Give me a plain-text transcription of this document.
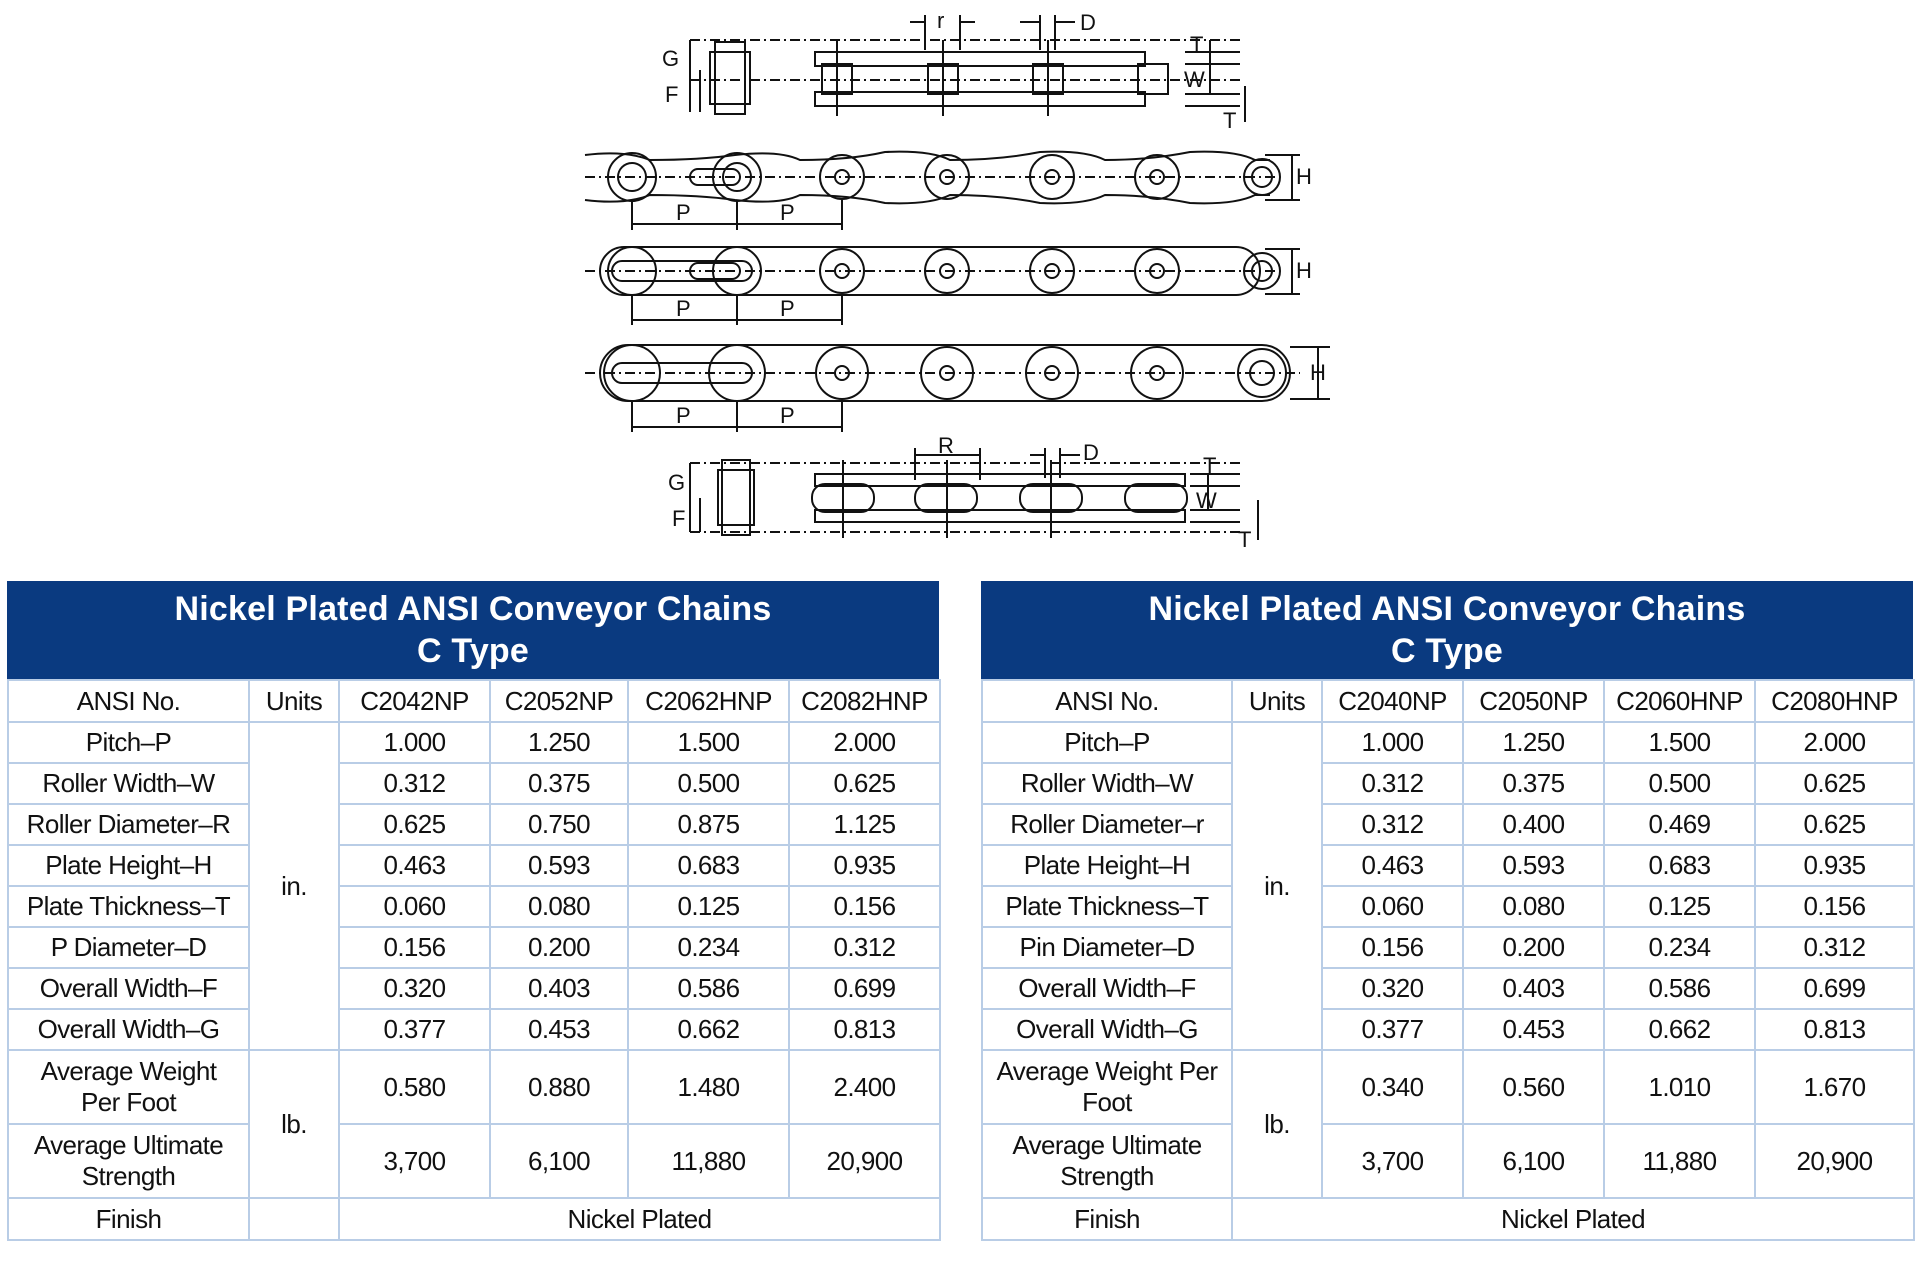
G
F
r	D
T
W
T
H
P	P
H
P	P
H
P	P
G
F
R	D
T
W
T
Nickel Plated ANSI Conveyor Chains
C Type
ANSI No.	Units	C2042NP	C2052NP	C2062HNP	C2082HNP
Pitch–P	in.	1.000	1.250	1.500	2.000
Roller Width–W		0.312	0.375	0.500	0.625
Roller Diameter–R		0.625	0.750	0.875	1.125
Plate Height–H		0.463	0.593	0.683	0.935
Plate Thickness–T		0.060	0.080	0.125	0.156
P Diameter–D		0.156	0.200	0.234	0.312
Overall Width–F		0.320	0.403	0.586	0.699
Overall Width–G		0.377	0.453	0.662	0.813
Average Weight
Per Foot	lb.	0.580	0.880	1.480	2.400
Average Ultimate
Strength		3,700	6,100	11,880	20,900
Finish		Nickel Plated			
Nickel Plated ANSI Conveyor Chains
C Type
ANSI No.	Units	C2040NP	C2050NP	C2060HNP	C2080HNP
Pitch–P	in.	1.000	1.250	1.500	2.000
Roller Width–W		0.312	0.375	0.500	0.625
Roller Diameter–r		0.312	0.400	0.469	0.625
Plate Height–H		0.463	0.593	0.683	0.935
Plate Thickness–T		0.060	0.080	0.125	0.156
Pin Diameter–D		0.156	0.200	0.234	0.312
Overall Width–F		0.320	0.403	0.586	0.699
Overall Width–G		0.377	0.453	0.662	0.813
Average Weight Per
Foot	lb.	0.340	0.560	1.010	1.670
Average Ultimate
Strength		3,700	6,100	11,880	20,900
Finish	Nickel Plated				
